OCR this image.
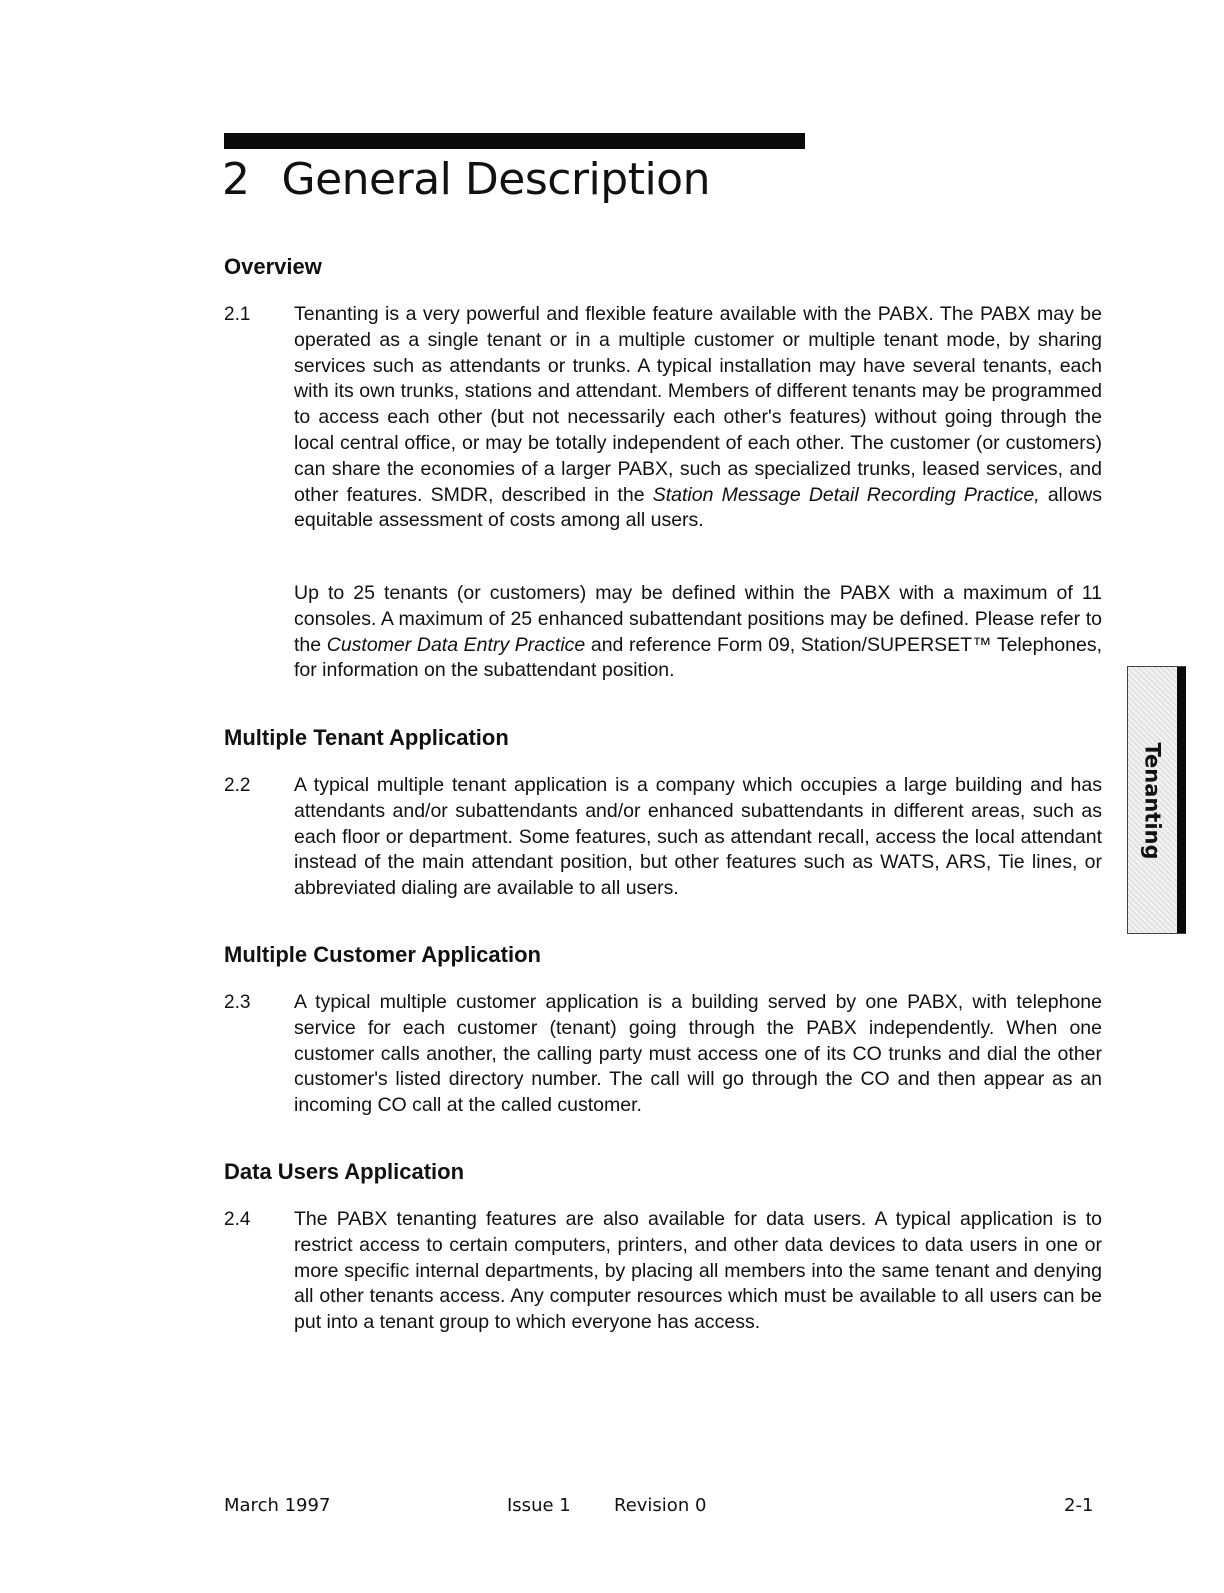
2 General Description
Overview
2.1 Tenanting is a very powerful and flexible feature available with the PABX. The PABX may be operated as a single tenant or in a multiple customer or multiple tenant mode, by sharing services such as attendants or trunks. A typical installation may have several tenants, each with its own trunks, stations and attendant. Members of different tenants may be programmed to access each other (but not necessarily each other's features) without going through the local central office, or may be totally independent of each other. The customer (or customers) can share the economies of a larger PABX, such as specialized trunks, leased services, and other features. SMDR, described in the Station Message Detail Recording Practice, allows equitable assessment of costs among all users.

Up to 25 tenants (or customers) may be defined within the PABX with a maximum of 11 consoles. A maximum of 25 enhanced subattendant positions may be defined. Please refer to the Customer Data Entry Practice and reference Form 09, Station/SUPERSET™ Telephones, for information on the subattendant position.

Multiple Tenant Application
2.2 A typical multiple tenant application is a company which occupies a large building and has attendants and/or subattendants and/or enhanced subattendants in different areas, such as each floor or department. Some features, such as attendant recall, access the local attendant instead of the main attendant position, but other features such as WATS, ARS, Tie lines, or abbreviated dialing are available to all users.

Multiple Customer Application
2.3 A typical multiple customer application is a building served by one PABX, with telephone service for each customer (tenant) going through the PABX independently. When one customer calls another, the calling party must access one of its CO trunks and dial the other customer's listed directory number. The call will go through the CO and then appear as an incoming CO call at the called customer.

Data Users Application
2.4 The PABX tenanting features are also available for data users. A typical application is to restrict access to certain computers, printers, and other data devices to data users in one or more specific internal departments, by placing all members into the same tenant and denying all other tenants access. Any computer resources which must be available to all users can be put into a tenant group to which everyone has access.

Tenanting
March 1997	Issue 1 Revision 0	2-1
